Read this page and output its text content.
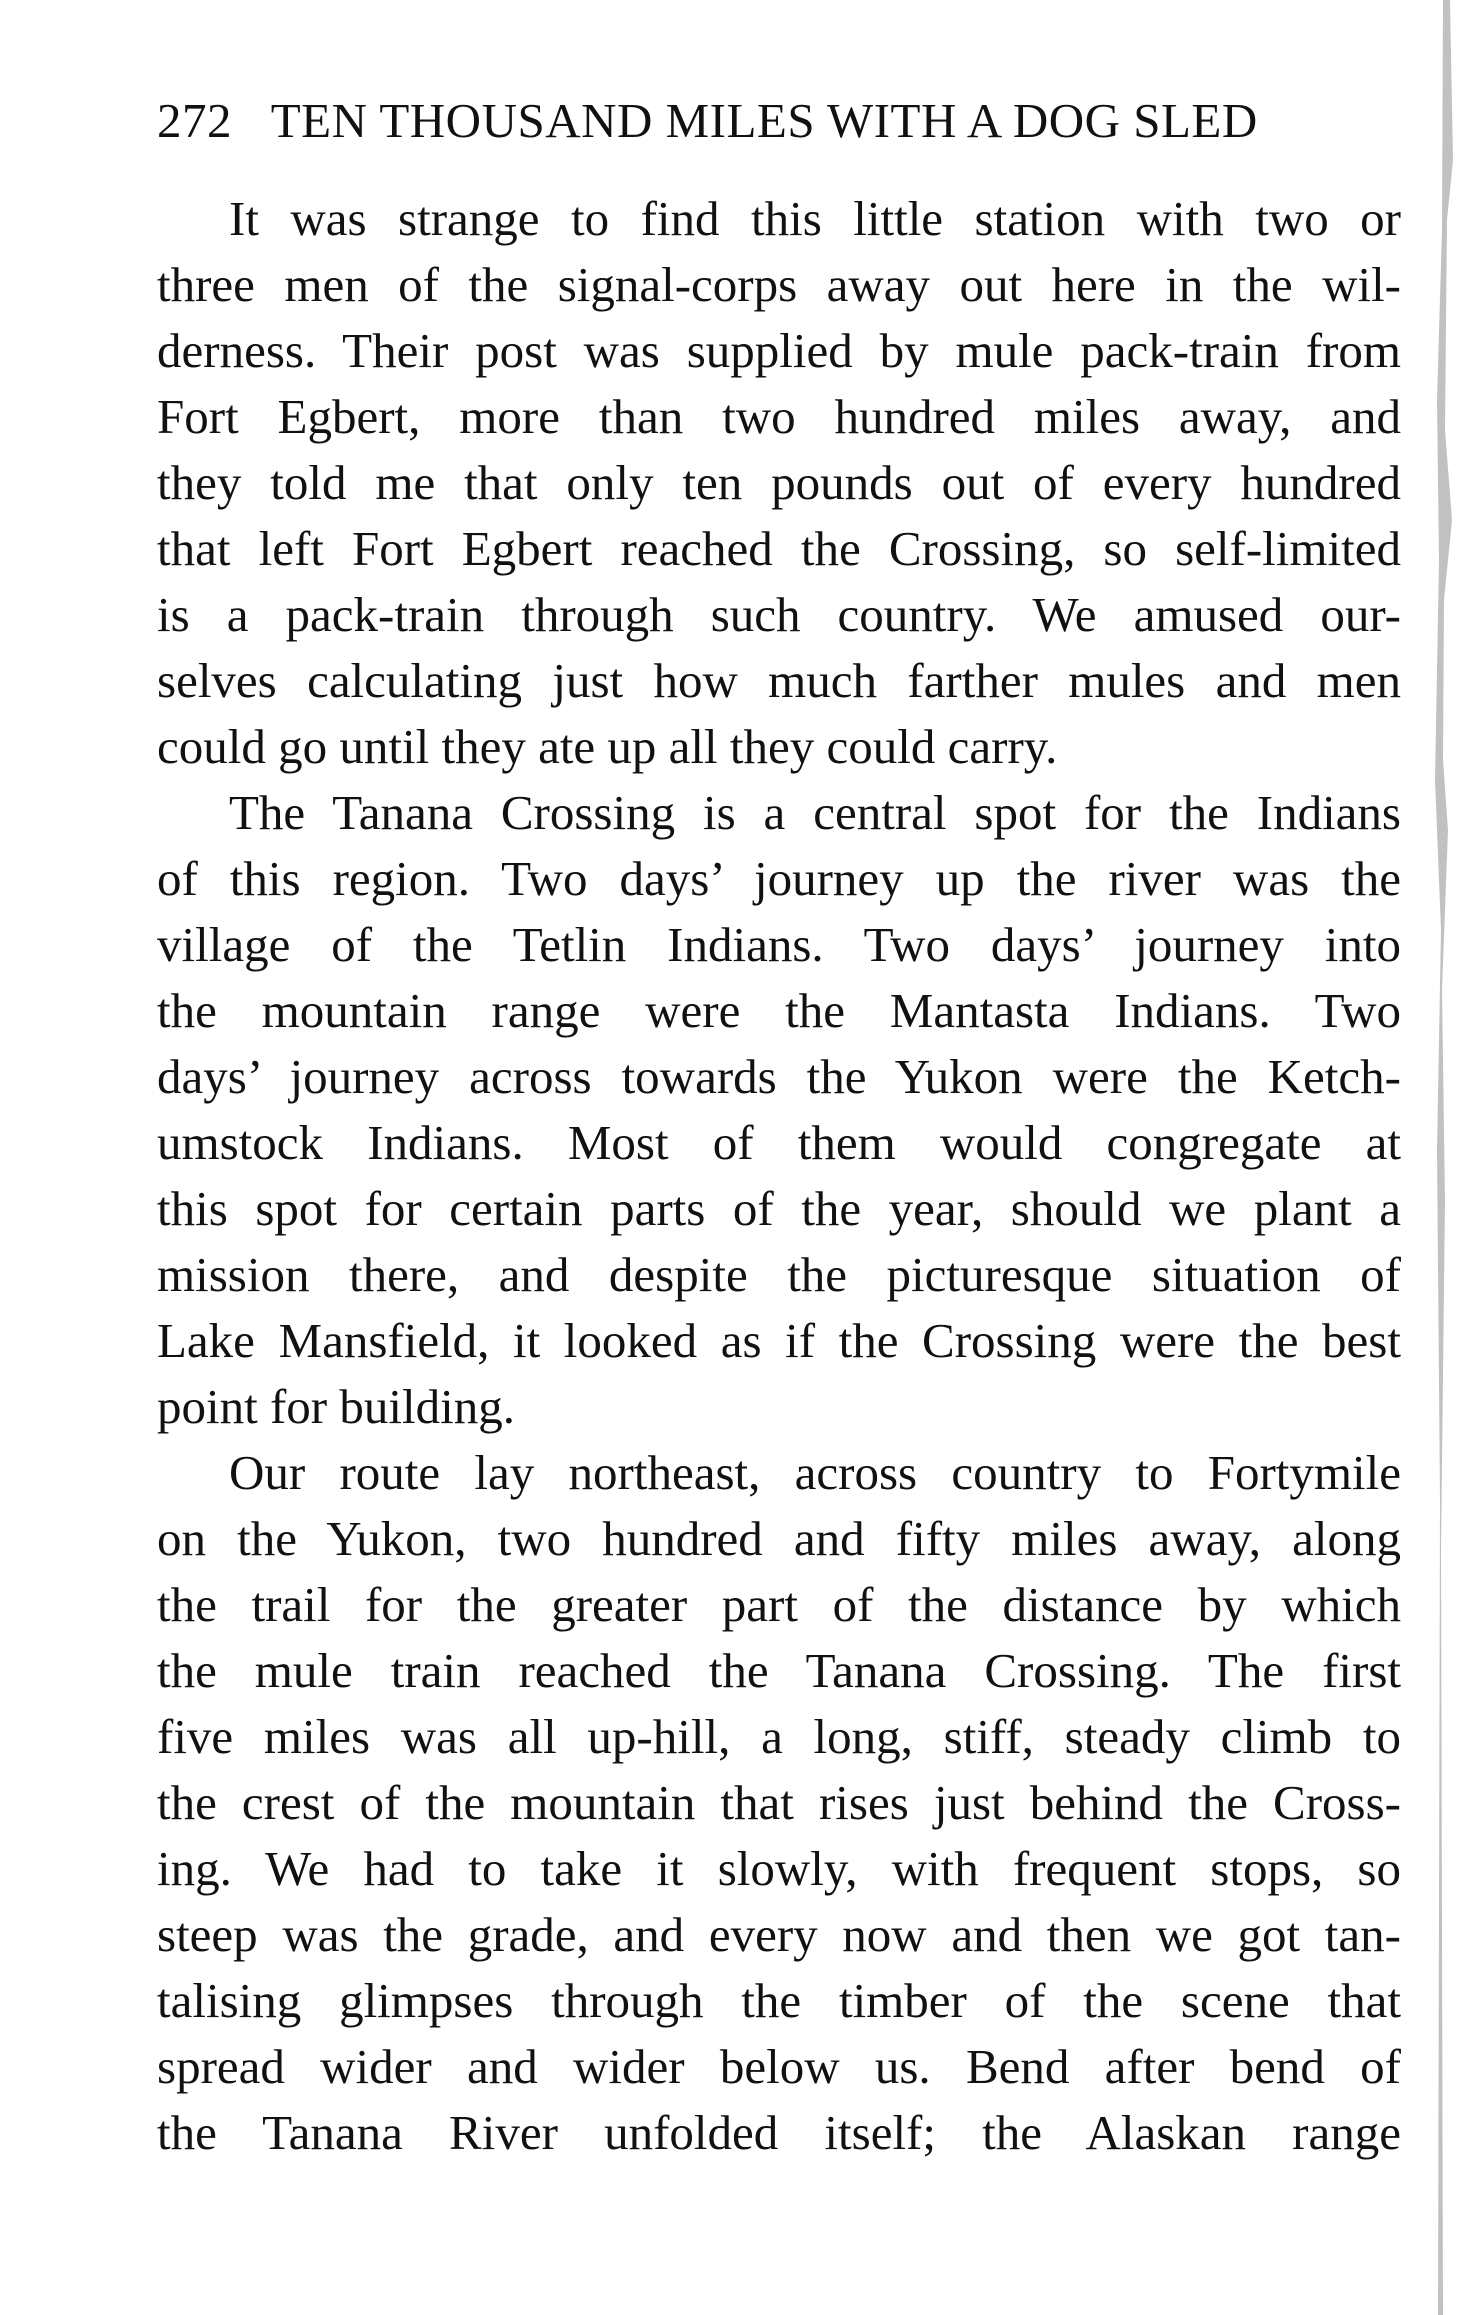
272 TEN THOUSAND MILES WITH A DOG SLED

It was strange to find this little station with two or
three men of the signal-corps away out here in the wil-
derness. Their post was supplied by mule pack-train from
Fort Egbert, more than two hundred miles away, and
they told me that only ten pounds out of every hundred
that left Fort Egbert reached the Crossing, so self-limited
is a pack-train through such country. We amused our-
selves calculating just how much farther mules and men
could go until they ate up all they could carry.

The Tanana Crossing is a central spot for the Indians
of this region. Two days’ journey up the river was the
village of the Tetlin Indians. Two days’ journey into
the mountain range were the Mantasta Indians. Two
days’ journey across towards the Yukon were the Ketch-
umstock Indians. Most of them would congregate at
this spot for certain parts of the year, should we plant a
mission there, and despite the picturesque situation of
Lake Mansfield, it looked as if the Crossing were the best
point for building.

Our route lay northeast, across country to Fortymile
on the Yukon, two hundred and fifty miles away, along
the trail for the greater part of the distance by which
the mule train reached the Tanana Crossing. The first
five miles was all up-hill, a long, stiff, steady climb to
the crest of the mountain that rises just behind the Cross-
ing. We had to take it slowly, with frequent stops, so
steep was the grade, and every now and then we got tan-
talising glimpses through the timber of the scene that
spread wider and wider below us. Bend after bend of
the Tanana River unfolded itself; the Alaskan range
